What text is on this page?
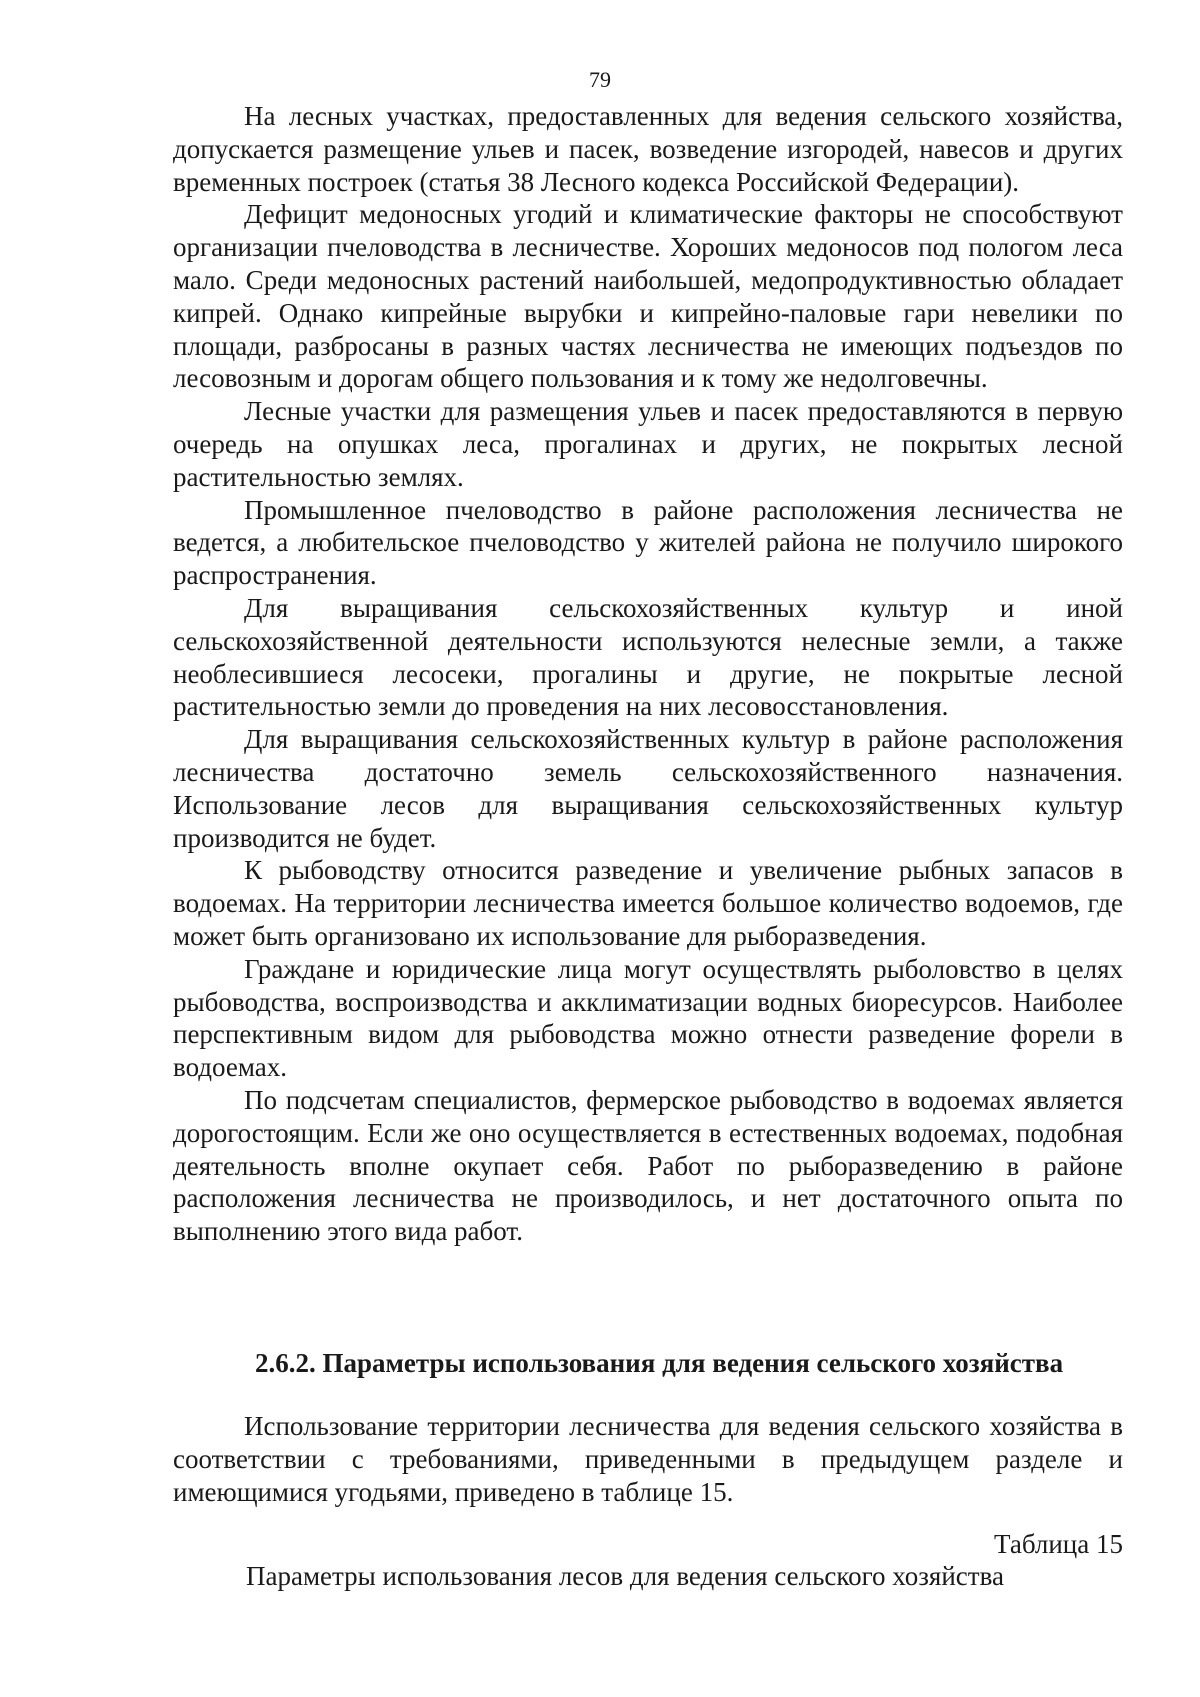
79

На лесных участках, предоставленных для ведения сельского хозяйства, допускается размещение ульев и пасек, возведение изгородей, навесов и других временных построек (статья 38 Лесного кодекса Российской Федерации).

Дефицит медоносных угодий и климатические факторы не способствуют организации пчеловодства в лесничестве. Хороших медоносов под пологом леса мало. Среди медоносных растений наибольшей, медопродуктивностью обладает кипрей. Однако кипрейные вырубки и кипрейно-паловые гари невелики по площади, разбросаны в разных частях лесничества не имеющих подъездов по лесовозным и дорогам общего пользования и к тому же недолговечны.

Лесные участки для размещения ульев и пасек предоставляются в первую очередь на опушках леса, прогалинах и других, не покрытых лесной растительностью землях.

Промышленное пчеловодство в районе расположения лесничества не ведется, а любительское пчеловодство у жителей района не получило широкого распространения.

Для выращивания сельскохозяйственных культур и иной сельскохозяйственной деятельности используются нелесные земли, а также необлесившиеся лесосеки, прогалины и другие, не покрытые лесной растительностью земли до проведения на них лесовосстановления.

Для выращивания сельскохозяйственных культур в районе расположения лесничества достаточно земель сельскохозяйственного назначения. Использование лесов для выращивания сельскохозяйственных культур производится не будет.

К рыбоводству относится разведение и увеличение рыбных запасов в водоемах. На территории лесничества имеется большое количество водоемов, где может быть организовано их использование для рыборазведения.

Граждане и юридические лица могут осуществлять рыболовство в целях рыбоводства, воспроизводства и акклиматизации водных биоресурсов. Наиболее перспективным видом для рыбоводства можно отнести разведение форели в водоемах.

По подсчетам специалистов, фермерское рыбоводство в водоемах является дорогостоящим. Если же оно осуществляется в естественных водоемах, подобная деятельность вполне окупает себя. Работ по рыборазведению в районе расположения лесничества не производилось, и нет достаточного опыта по выполнению этого вида работ.

2.6.2. Параметры использования для ведения сельского хозяйства

Использование территории лесничества для ведения сельского хозяйства в соответствии с требованиями, приведенными в предыдущем разделе и имеющимися угодьями, приведено в таблице 15.

Таблица 15

Параметры использования лесов для ведения сельского хозяйства
